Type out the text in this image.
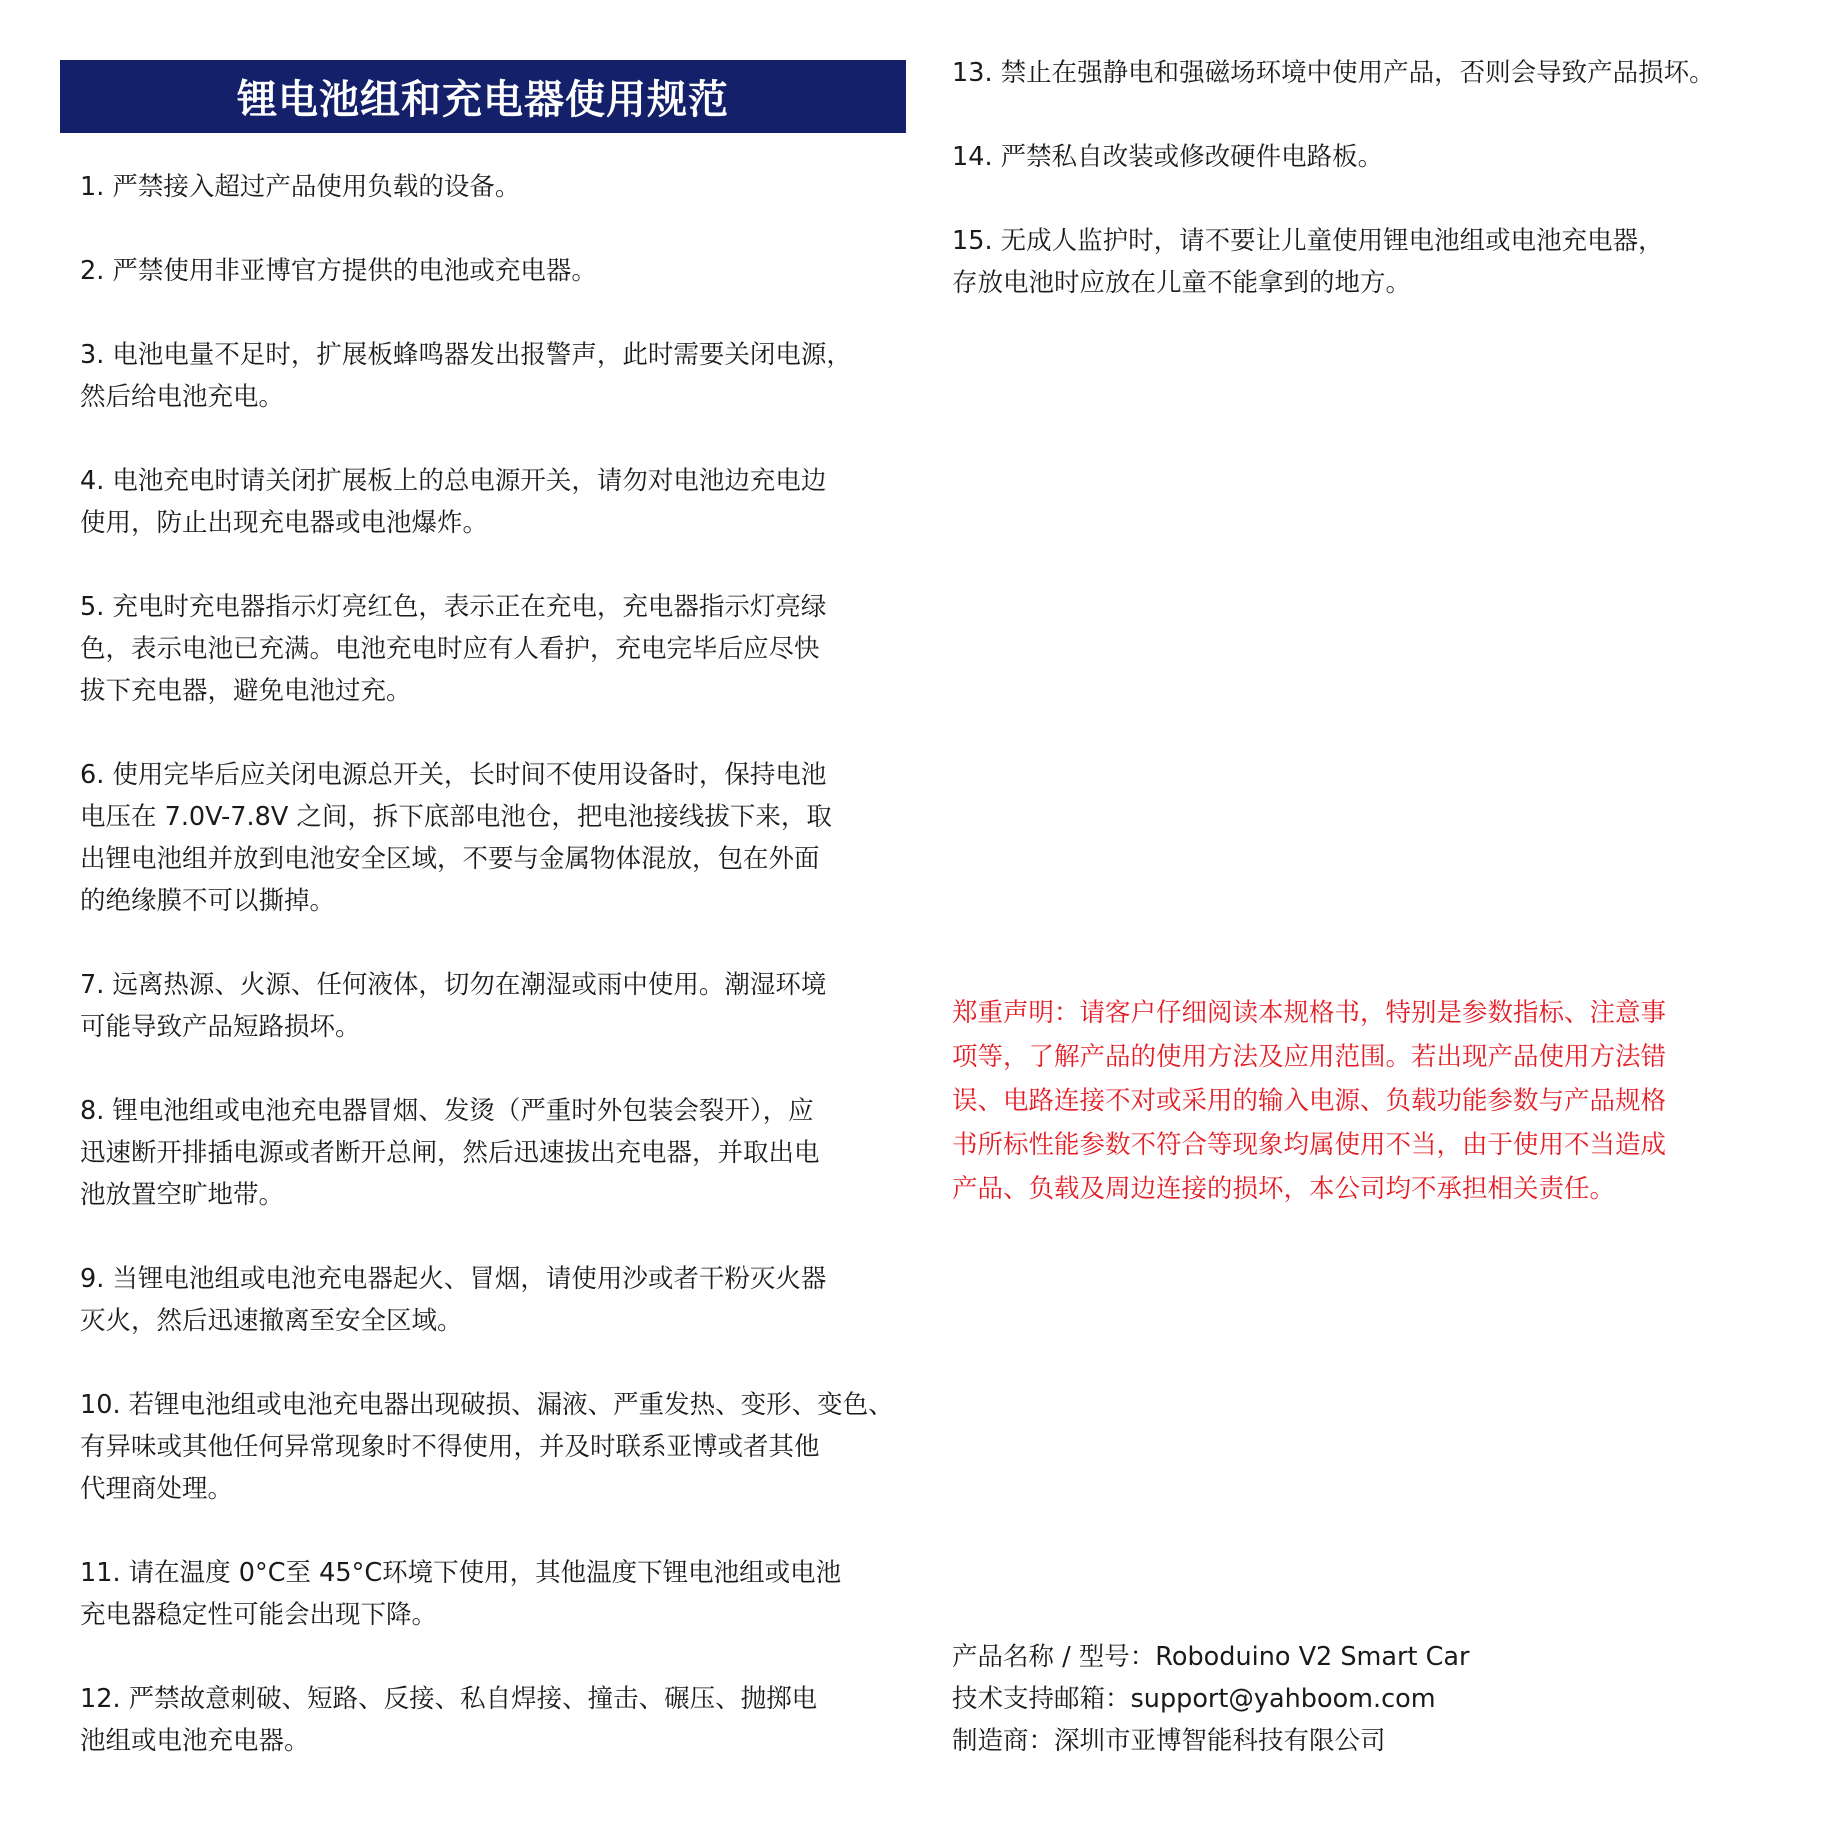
锂电池组和充电器使用规范
1. 严禁接入超过产品使用负载的设备。
2. 严禁使用非亚博官方提供的电池或充电器。
3. 电池电量不足时，扩展板蜂鸣器发出报警声，此时需要关闭电源，
然后给电池充电。
4. 电池充电时请关闭扩展板上的总电源开关，请勿对电池边充电边
使用，防止出现充电器或电池爆炸。
5. 充电时充电器指示灯亮红色，表示正在充电，充电器指示灯亮绿
色，表示电池已充满。电池充电时应有人看护，充电完毕后应尽快
拔下充电器，避免电池过充。
6. 使用完毕后应关闭电源总开关，长时间不使用设备时，保持电池
电压在 7.0V-7.8V 之间，拆下底部电池仓，把电池接线拔下来，取
出锂电池组并放到电池安全区域，不要与金属物体混放，包在外面
的绝缘膜不可以撕掉。
7. 远离热源、火源、任何液体，切勿在潮湿或雨中使用。潮湿环境
可能导致产品短路损坏。
8. 锂电池组或电池充电器冒烟、发烫（严重时外包装会裂开），应
迅速断开排插电源或者断开总闸，然后迅速拔出充电器，并取出电
池放置空旷地带。
9. 当锂电池组或电池充电器起火、冒烟，请使用沙或者干粉灭火器
灭火，然后迅速撤离至安全区域。
10. 若锂电池组或电池充电器出现破损、漏液、严重发热、变形、变色、
有异味或其他任何异常现象时不得使用，并及时联系亚博或者其他
代理商处理。
11. 请在温度 0°C至 45°C环境下使用，其他温度下锂电池组或电池
充电器稳定性可能会出现下降。
12. 严禁故意刺破、短路、反接、私自焊接、撞击、碾压、抛掷电
池组或电池充电器。
13. 禁止在强静电和强磁场环境中使用产品，否则会导致产品损坏。
14. 严禁私自改装或修改硬件电路板。
15. 无成人监护时，请不要让儿童使用锂电池组或电池充电器，
存放电池时应放在儿童不能拿到的地方。
郑重声明：请客户仔细阅读本规格书，特别是参数指标、注意事
项等，了解产品的使用方法及应用范围。若出现产品使用方法错
误、电路连接不对或采用的输入电源、负载功能参数与产品规格
书所标性能参数不符合等现象均属使用不当，由于使用不当造成
产品、负载及周边连接的损坏，本公司均不承担相关责任。
产品名称 / 型号：Roboduino V2 Smart Car
技术支持邮箱：support@yahboom.com
制造商：深圳市亚博智能科技有限公司
